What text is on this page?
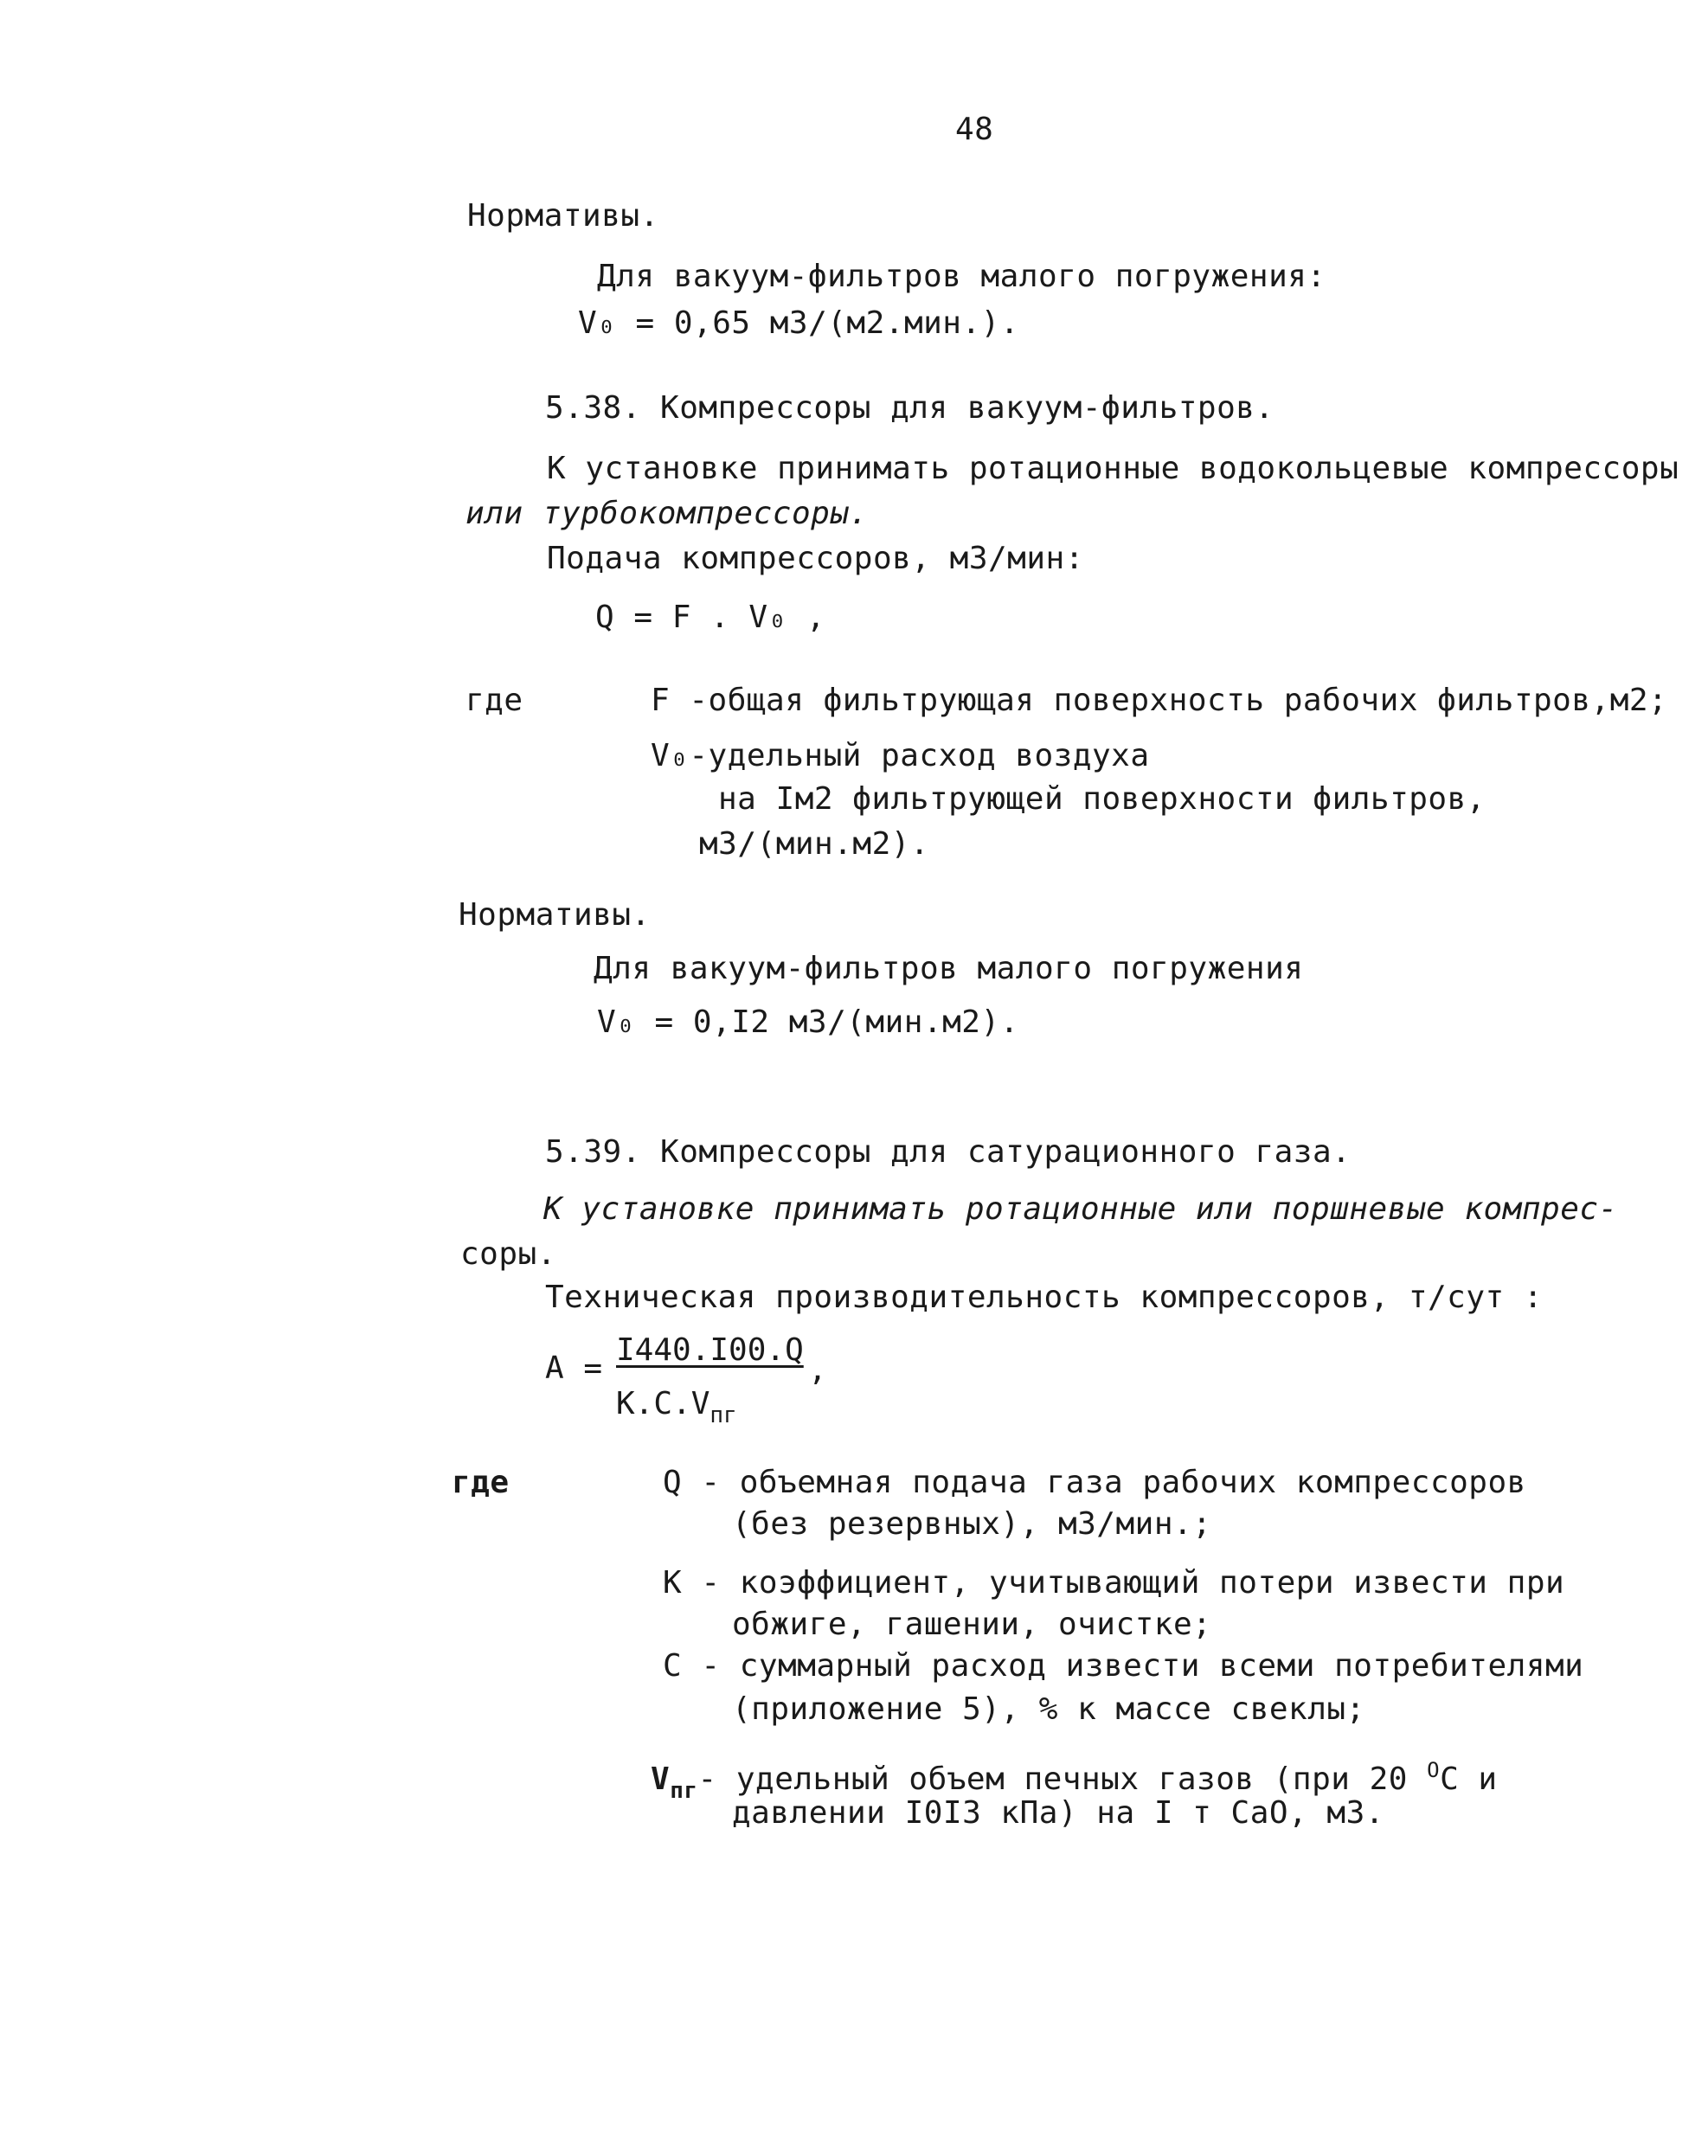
48
Нормативы.
Для вакуум-фильтров малого погружения:
V₀ = 0,65 м3/(м2.мин.).
5.38. Компрессоры для вакуум-фильтров.
К установке принимать ротационные водокольцевые компрессоры
или турбокомпрессоры.
Подача компрессоров, м3/мин:
Q = F . V₀ ,
где	F -общая фильтрующая поверхность рабочих фильтров,м2;
V₀-удельный расход воздуха
на Iм2 фильтрующей поверхности фильтров,
м3/(мин.м2).
Нормативы.
Для вакуум-фильтров малого погружения
V₀ = 0,I2 м3/(мин.м2).
5.39. Компрессоры для сатурационного газа.
К установке принимать ротационные или поршневые компрес-
соры.
Техническая производительность компрессоров, т/сут :
A =
I440.I00.Q
$К.С.V_{пг}$
,
где	Q - объемная подача газа рабочих компрессоров
(без резервных), м3/мин.;
К - коэффициент, учитывающий потери извести при
обжиге, гашении, очистке;
С - суммарный расход извести всеми потребителями
(приложение 5), % к массе свеклы;
$V_{пг}-$ удельный объем печных газов (при 20 $^О$С и
давлении I0I3 кПа) на I т СаО, м3.
